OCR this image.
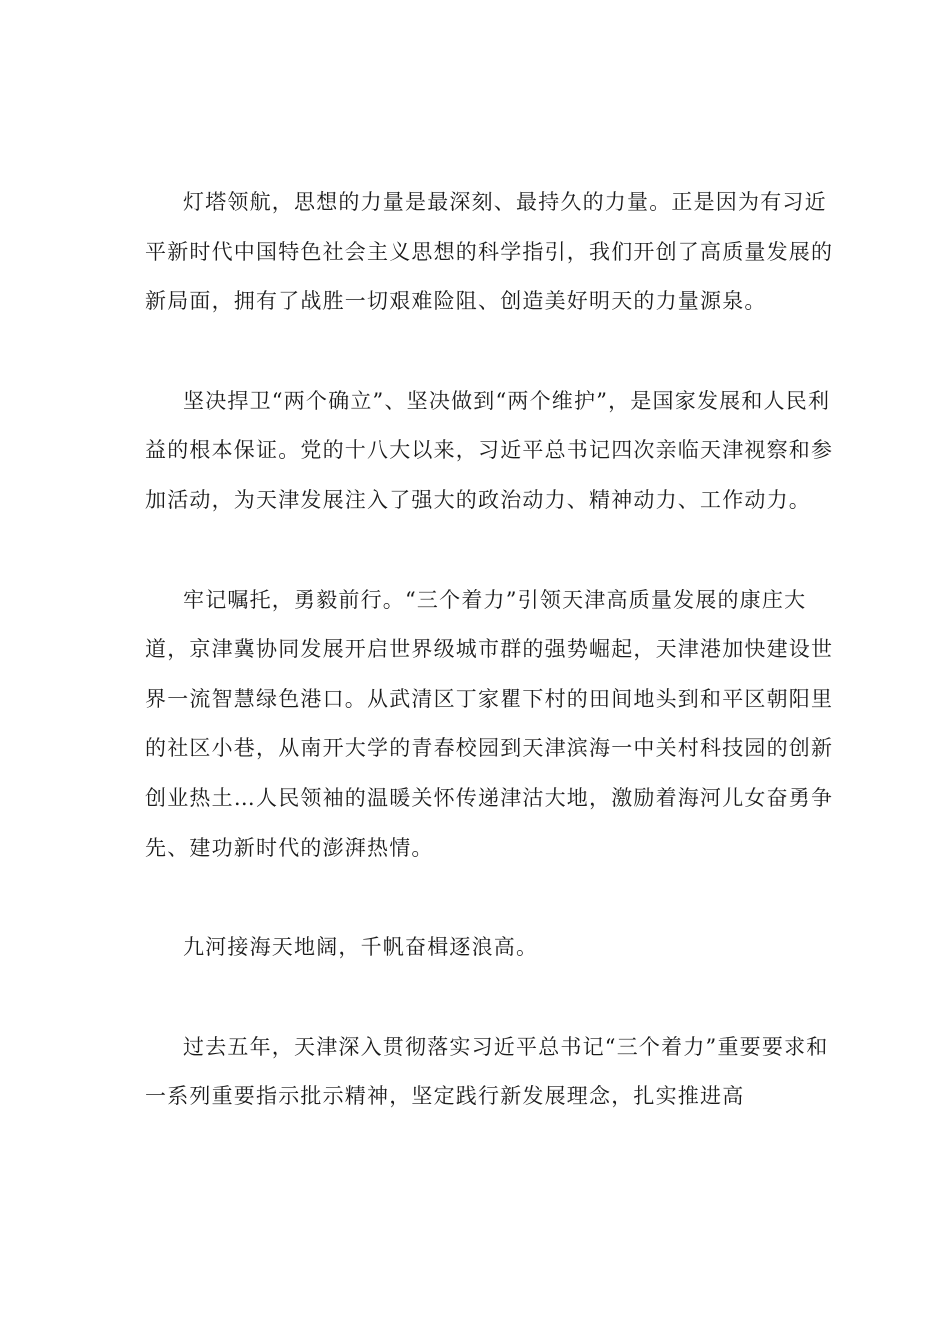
灯塔领航，思想的力量是最深刻、最持久的力量。正是因为有习近平新时代中国特色社会主义思想的科学指引，我们开创了高质量发展的新局面，拥有了战胜一切艰难险阻、创造美好明天的力量源泉。

坚决捍卫“两个确立”、坚决做到“两个维护”，是国家发展和人民利益的根本保证。党的十八大以来，习近平总书记四次亲临天津视察和参加活动，为天津发展注入了强大的政治动力、精神动力、工作动力。

牢记嘱托，勇毅前行。“三个着力”引领天津高质量发展的康庄大道，京津冀协同发展开启世界级城市群的强势崛起，天津港加快建设世界一流智慧绿色港口。从武清区丁家瞿下村的田间地头到和平区朝阳里的社区小巷，从南开大学的青春校园到天津滨海一中关村科技园的创新创业热土…人民领袖的温暖关怀传递津沽大地，激励着海河儿女奋勇争先、建功新时代的澎湃热情。

九河接海天地阔，千帆奋楫逐浪高。

过去五年，天津深入贯彻落实习近平总书记“三个着力”重要要求和一系列重要指示批示精神，坚定践行新发展理念，扎实推进高
